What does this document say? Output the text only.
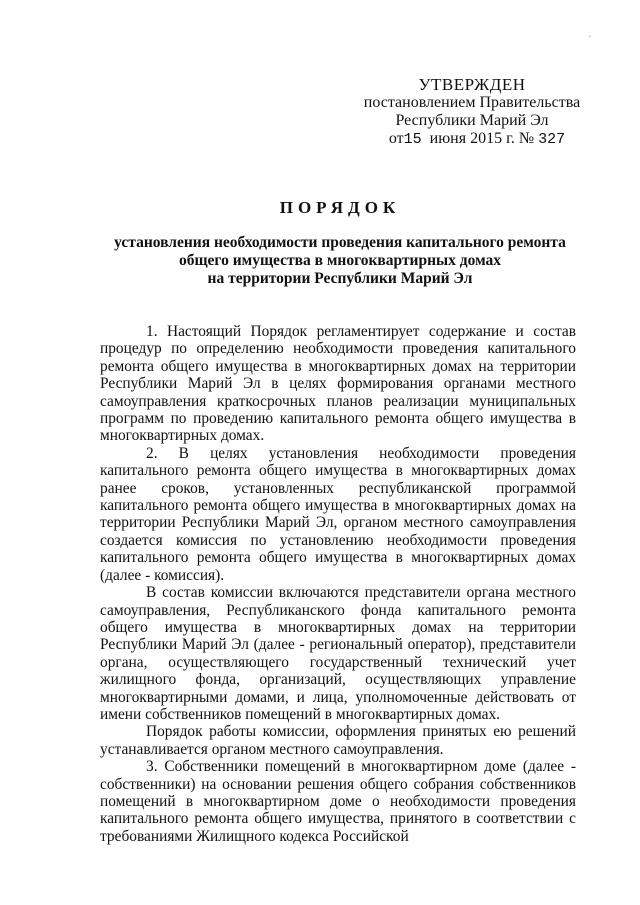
УТВЕРЖДЕН
постановлением Правительства
Республики Марий Эл
от15 июня 2015 г. № 327
·
ПОРЯДОК
установления необходимости проведения капитального ремонта
общего имущества в многоквартирных домах
на территории Республики Марий Эл

1. Настоящий Порядок регламентирует содержание и состав процедур по определению необходимости проведения капитального ремонта общего имущества в многоквартирных домах на территории Республики Марий Эл в целях формирования органами местного самоуправления краткосрочных планов реализации муниципальных программ по проведению капитального ремонта общего имущества в многоквартирных домах.

2. В целях установления необходимости проведения капитального ремонта общего имущества в многоквартирных домах ранее сроков, установленных республиканской программой капитального ремонта общего имущества в многоквартирных домах на территории Республики Марий Эл, органом местного самоуправления создается комиссия по установлению необходимости проведения капитального ремонта общего имущества в многоквартирных домах (далее - комиссия).

В состав комиссии включаются представители органа местного самоуправления, Республиканского фонда капитального ремонта общего имущества в многоквартирных домах на территории Республики Марий Эл (далее - региональный оператор), представители органа, осуществляющего государственный технический учет жилищного фонда, организаций, осуществляющих управление многоквартирными домами, и лица, уполномоченные действовать от имени собственников помещений в многоквартирных домах.

Порядок работы комиссии, оформления принятых ею решений устанавливается органом местного самоуправления.

3. Собственники помещений в многоквартирном доме (далее - собственники) на основании решения общего собрания собственников помещений в многоквартирном доме о необходимости проведения капитального ремонта общего имущества, принятого в соответствии с требованиями Жилищного кодекса Российской
